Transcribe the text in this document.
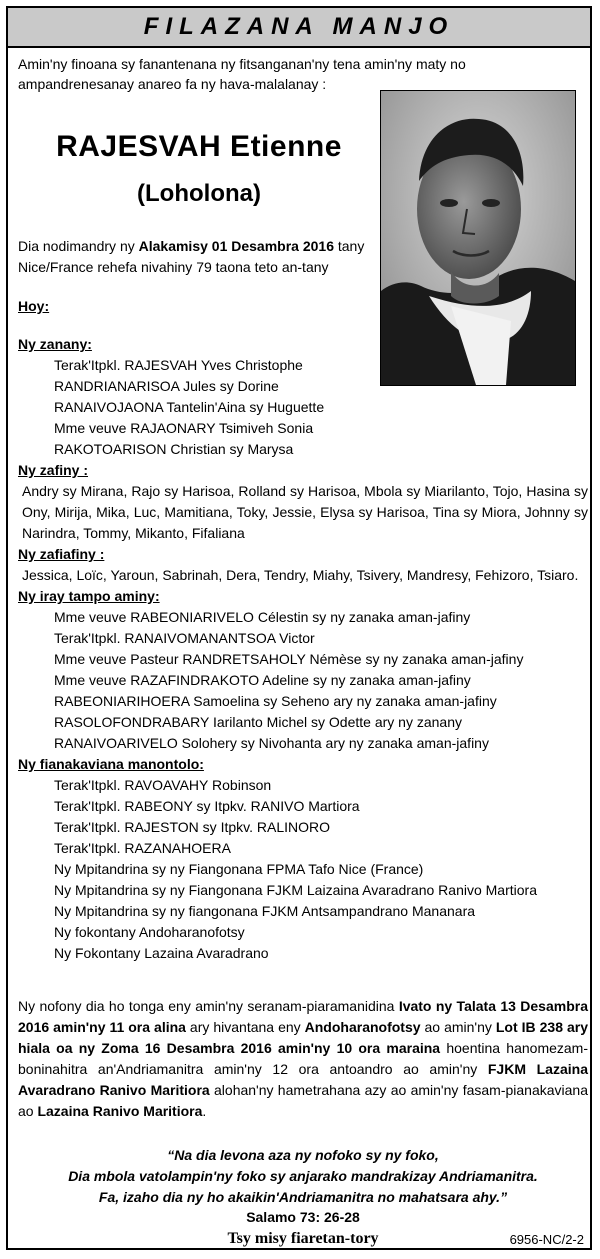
FILAZANA MANJO
Amin'ny finoana sy fanantenana ny fitsanganan'ny tena amin'ny maty no ampandrenesanay anareo fa ny hava-malalanay :
RAJESVAH Etienne
(Loholona)
Dia nodimandry ny Alakamisy 01 Desambra 2016 tany Nice/France rehefa nivahiny 79 taona teto an-tany
Hoy:
Ny zanany:
Terak'Itpkl. RAJESVAH Yves Christophe
RANDRIANARISOA Jules sy Dorine
RANAIVOJAONA Tantelin'Aina sy Huguette
Mme veuve RAJAONARY Tsimiveh Sonia
RAKOTOARISON Christian sy Marysa
Ny zafiny :
Andry sy Mirana, Rajo sy Harisoa, Rolland sy Harisoa, Mbola sy Miarilanto, Tojo, Hasina sy Ony, Mirija, Mika, Luc, Mamitiana, Toky, Jessie, Elysa sy Harisoa, Tina sy Miora, Johnny sy Narindra, Tommy, Mikanto, Fifaliana
Ny zafiafiny :
Jessica, Loïc, Yaroun, Sabrinah, Dera, Tendry, Miahy, Tsivery, Mandresy, Fehizoro, Tsiaro.
Ny iray tampo aminy:
Mme veuve RABEONIARIVELO Célestin sy ny zanaka aman-jafiny
Terak'Itpkl. RANAIVOMANANTSOA Victor
Mme veuve Pasteur RANDRETSAHOLY Némèse sy ny zanaka aman-jafiny
Mme veuve RAZAFINDRAKOTO Adeline sy ny zanaka aman-jafiny
RABEONIARIHOERA Samoelina sy Seheno ary ny zanaka aman-jafiny
RASOLOFONDRABARY Iarilanto Michel sy Odette ary ny zanany
RANAIVOARIVELO Solohery sy Nivohanta ary ny zanaka aman-jafiny
Ny fianakaviana manontolo:
Terak'Itpkl. RAVOAVAHY Robinson
Terak'Itpkl. RABEONY sy Itpkv. RANIVO Martiora
Terak'Itpkl. RAJESTON sy Itpkv. RALINORO
Terak'Itpkl. RAZANAHOERA
Ny Mpitandrina sy ny Fiangonana FPMA Tafo Nice (France)
Ny Mpitandrina sy ny Fiangonana FJKM Laizaina Avaradrano Ranivo Martiora
Ny Mpitandrina sy ny fiangonana FJKM Antsampandrano Mananara
Ny fokontany Andoharanofotsy
Ny Fokontany Lazaina Avaradrano
Ny nofony dia ho tonga eny amin'ny seranam-piaramanidina Ivato ny Talata 13 Desambra 2016 amin'ny 11 ora alina ary hivantana eny Andoharanofotsy ao amin'ny Lot IB 238 ary hiala oa ny Zoma 16 Desambra 2016 amin'ny 10 ora maraina hoentina hanomezam-boninahitra an'Andriamanitra amin'ny 12 ora antoandro ao amin'ny FJKM Lazaina Avaradrano Ranivo Maritiora alohan'ny hametrahana azy ao amin'ny fasam-pianakaviana ao Lazaina Ranivo Maritiora.
“Na dia levona aza ny nofoko sy ny foko,
Dia mbola vatolampin'ny foko sy anjarako mandrakizay Andriamanitra.
Fa, izaho dia ny ho akaikin'Andriamanitra no mahatsara ahy.”
Salamo 73: 26-28
Tsy misy fiaretan-tory	6956-NC/2-2
